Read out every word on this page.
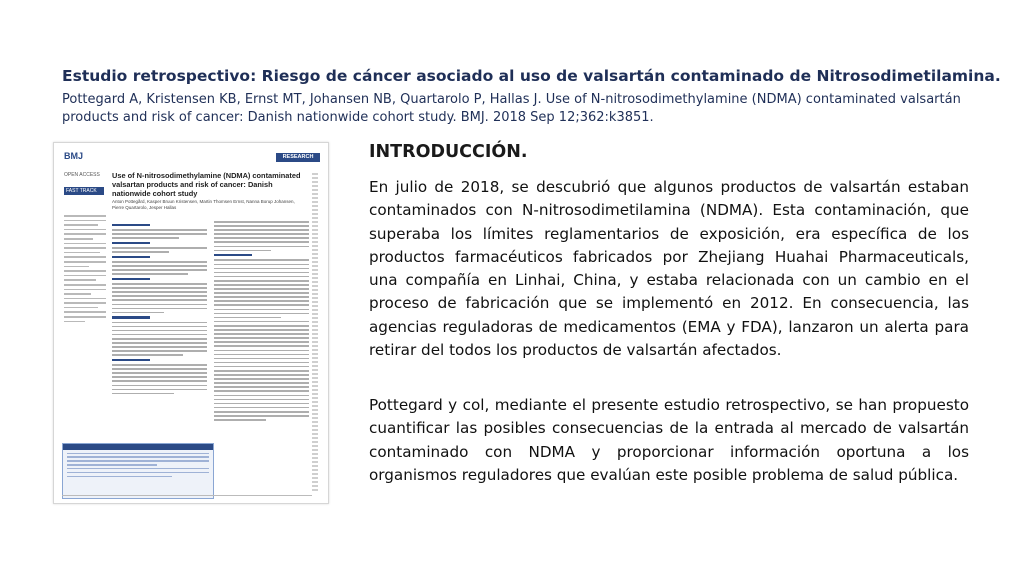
Estudio retrospectivo: Riesgo de cáncer asociado al uso de valsartán contaminado de Nitrosodimetilamina.
Pottegard A, Kristensen KB, Ernst MT, Johansen NB, Quartarolo P, Hallas J. Use of N-nitrosodimethylamine (NDMA) contaminated valsartán products and risk of cancer: Danish nationwide cohort study. BMJ. 2018 Sep 12;362:k3851.
BMJ
OPEN ACCESS
RESEARCH
FAST TRACK
Use of N-nitrosodimethylamine (NDMA) contaminated valsartan products and risk of cancer: Danish nationwide cohort study
Anton Pottegård, Kasper Bruun Kristensen, Martin Thomsen Ernst, Nanna Borup Johansen, Pierre Quartarolo, Jesper Hallas
INTRODUCCIÓN.
En julio de 2018, se descubrió que algunos productos de valsartán estaban contaminados con N-nitrosodimetilamina (NDMA). Esta contaminación, que superaba los límites reglamentarios de exposición, era específica de los productos farmacéuticos fabricados por Zhejiang Huahai Pharmaceuticals, una compañía en Linhai, China, y estaba relacionada con un cambio en el proceso de fabricación que se implementó en 2012. En consecuencia, las agencias reguladoras de medicamentos (EMA y FDA), lanzaron un alerta para retirar del todos los productos de valsartán afectados.
Pottegard y col, mediante el presente estudio retrospectivo, se han propuesto cuantificar las posibles consecuencias de la entrada al mercado de valsartán contaminado con NDMA y proporcionar información oportuna a los organismos reguladores que evalúan este posible problema de salud pública.
